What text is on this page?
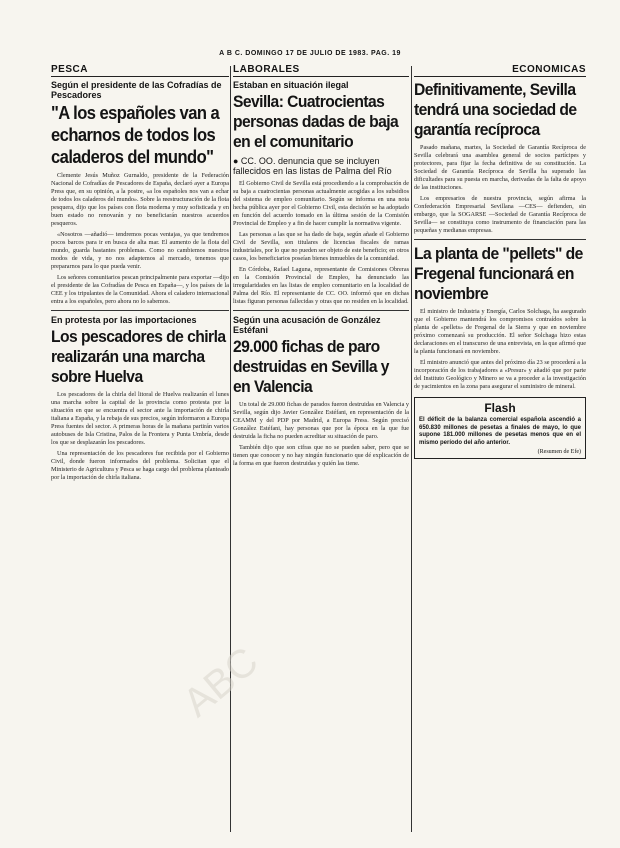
A B C. DOMINGO 17 DE JULIO DE 1983. PAG. 19
PESCA
Según el presidente de las Cofradías de Pescadores
"A los españoles van a echarnos de todos los caladeros del mundo"

Clemente Jesús Muñoz Gurnaldo, presidente de la Federación Nacional de Cofradías de Pescadores de España, declaró ayer a Europa Press que, en su opinión, a la postre, «a los españoles nos van a echar de todos los caladeros del mundo». Sobre la reestructuración de la flota pesquera, dijo que los países con flota moderna y muy sofisticada y en buen estado no renovarán y no beneficiarán nuestros acuerdos pesqueros.

«Nosotros —añadió— tendremos pocas ventajas, ya que tendremos pocos barcos para ir en busca de alta mar. El aumento de la flota del mundo, guarda bastantes problemas. Como no cambiemos nuestros modos de vida, y no nos adaptemos al mercado, tenemos que prepararnos para lo que pueda venir.

Los señores comunitarios pescan principalmente para exportar —dijo el presidente de las Cofradías de Pesca en España—, y los países de la CEE y los tripulantes de la Comunidad. Ahora el caladero internacional entra a los españoles, pero ahora no lo sabemos.

En protesta por las importaciones
Los pescadores de chirla realizarán una marcha sobre Huelva

Los pescadores de la chirla del litoral de Huelva realizarán el lunes una marcha sobre la capital de la provincia como protesta por la situación en que se encuentra el sector ante la importación de chirla italiana a España, y la rebaja de sus precios, según informaron a Europa Press fuentes del sector. A primeras horas de la mañana partirán varios autobuses de Isla Cristina, Palos de la Frontera y Punta Umbría, desde los que se desplazarán los pescadores.

Una representación de los pescadores fue recibida por el Gobierno Civil, donde fueron informados del problema. Solicitan que el Ministerio de Agricultura y Pesca se haga cargo del problema planteado por la importación de chirla italiana.

LABORALES
Estaban en situación ilegal
Sevilla: Cuatrocientas personas dadas de baja en el comunitario
● CC. OO. denuncia que se incluyen fallecidos en las listas de Palma del Río

El Gobierno Civil de Sevilla está procediendo a la comprobación de su baja a cuatrocientas personas actualmente acogidas a los subsidios del sistema de empleo comunitario. Según se informa en una nota hecha pública ayer por el Gobierno Civil, esta decisión se ha adoptado en función del acuerdo tomado en la última sesión de la Comisión Provincial de Empleo y a fin de hacer cumplir la normativa vigente.

Las personas a las que se ha dado de baja, según añade el Gobierno Civil de Sevilla, son titulares de licencias fiscales de ramas industriales, por lo que no pueden ser objeto de este beneficio; en otros casos, los beneficiarios poseían bienes inmuebles de la comunidad.

En Córdoba, Rafael Laguna, representante de Comisiones Obreras en la Comisión Provincial de Empleo, ha denunciado las irregularidades en las listas de empleo comunitario en la localidad de Palma del Río. El representante de CC. OO. informó que en dichas listas figuran personas fallecidas y otras que no residen en la localidad.

Según una acusación de González Estéfani
29.000 fichas de paro destruidas en Sevilla y en Valencia

Un total de 29.000 fichas de parados fueron destruidas en Valencia y Sevilla, según dijo Javier González Estéfani, en representación de la CEAMM y del PDP por Madrid, a Europa Press. Según precisó González Estéfani, hay personas que por la época en la que fue destruida la ficha no pueden acreditar su situación de paro.

También dijo que son cifras que no se pueden saber, pero que se tienen que conocer y no hay ningún funcionario que dé explicación de la forma en que fueron destruidas y quién las tiene.

ECONOMICAS
Definitivamente, Sevilla tendrá una sociedad de garantía recíproca

Pasado mañana, martes, la Sociedad de Garantía Recíproca de Sevilla celebrará una asamblea general de socios partícipes y protectores, para fijar la fecha definitiva de su constitución. La Sociedad de Garantía Recíproca de Sevilla ha superado las dificultades para su puesta en marcha, derivadas de la falta de apoyo de las instituciones.

Los empresarios de nuestra provincia, según afirma la Confederación Empresarial Sevillana —CES— defienden, sin embargo, que la SOGARSE —Sociedad de Garantía Recíproca de Sevilla— se constituya como instrumento de financiación para las pequeñas y medianas empresas.

La planta de "pellets" de Fregenal funcionará en noviembre

El ministro de Industria y Energía, Carlos Solchaga, ha asegurado que el Gobierno mantendrá los compromisos contraídos sobre la planta de «pellets» de Fregenal de la Sierra y que en noviembre próximo comenzará su producción. El señor Solchaga hizo estas declaraciones en el transcurso de una entrevista, en la que afirmó que la planta funcionará en noviembre.

El ministro anunció que antes del próximo día 23 se procederá a la incorporación de los trabajadores a «Presur» y añadió que por parte del Instituto Geológico y Minero se va a proceder a la investigación de yacimientos en la zona para asegurar el suministro de mineral.

Flash
El déficit de la balanza comercial española ascendió a 650.830 millones de pesetas a finales de mayo, lo que supone 181.000 millones de pesetas menos que en el mismo período del año anterior.
(Resumen de Efe)
ABC
